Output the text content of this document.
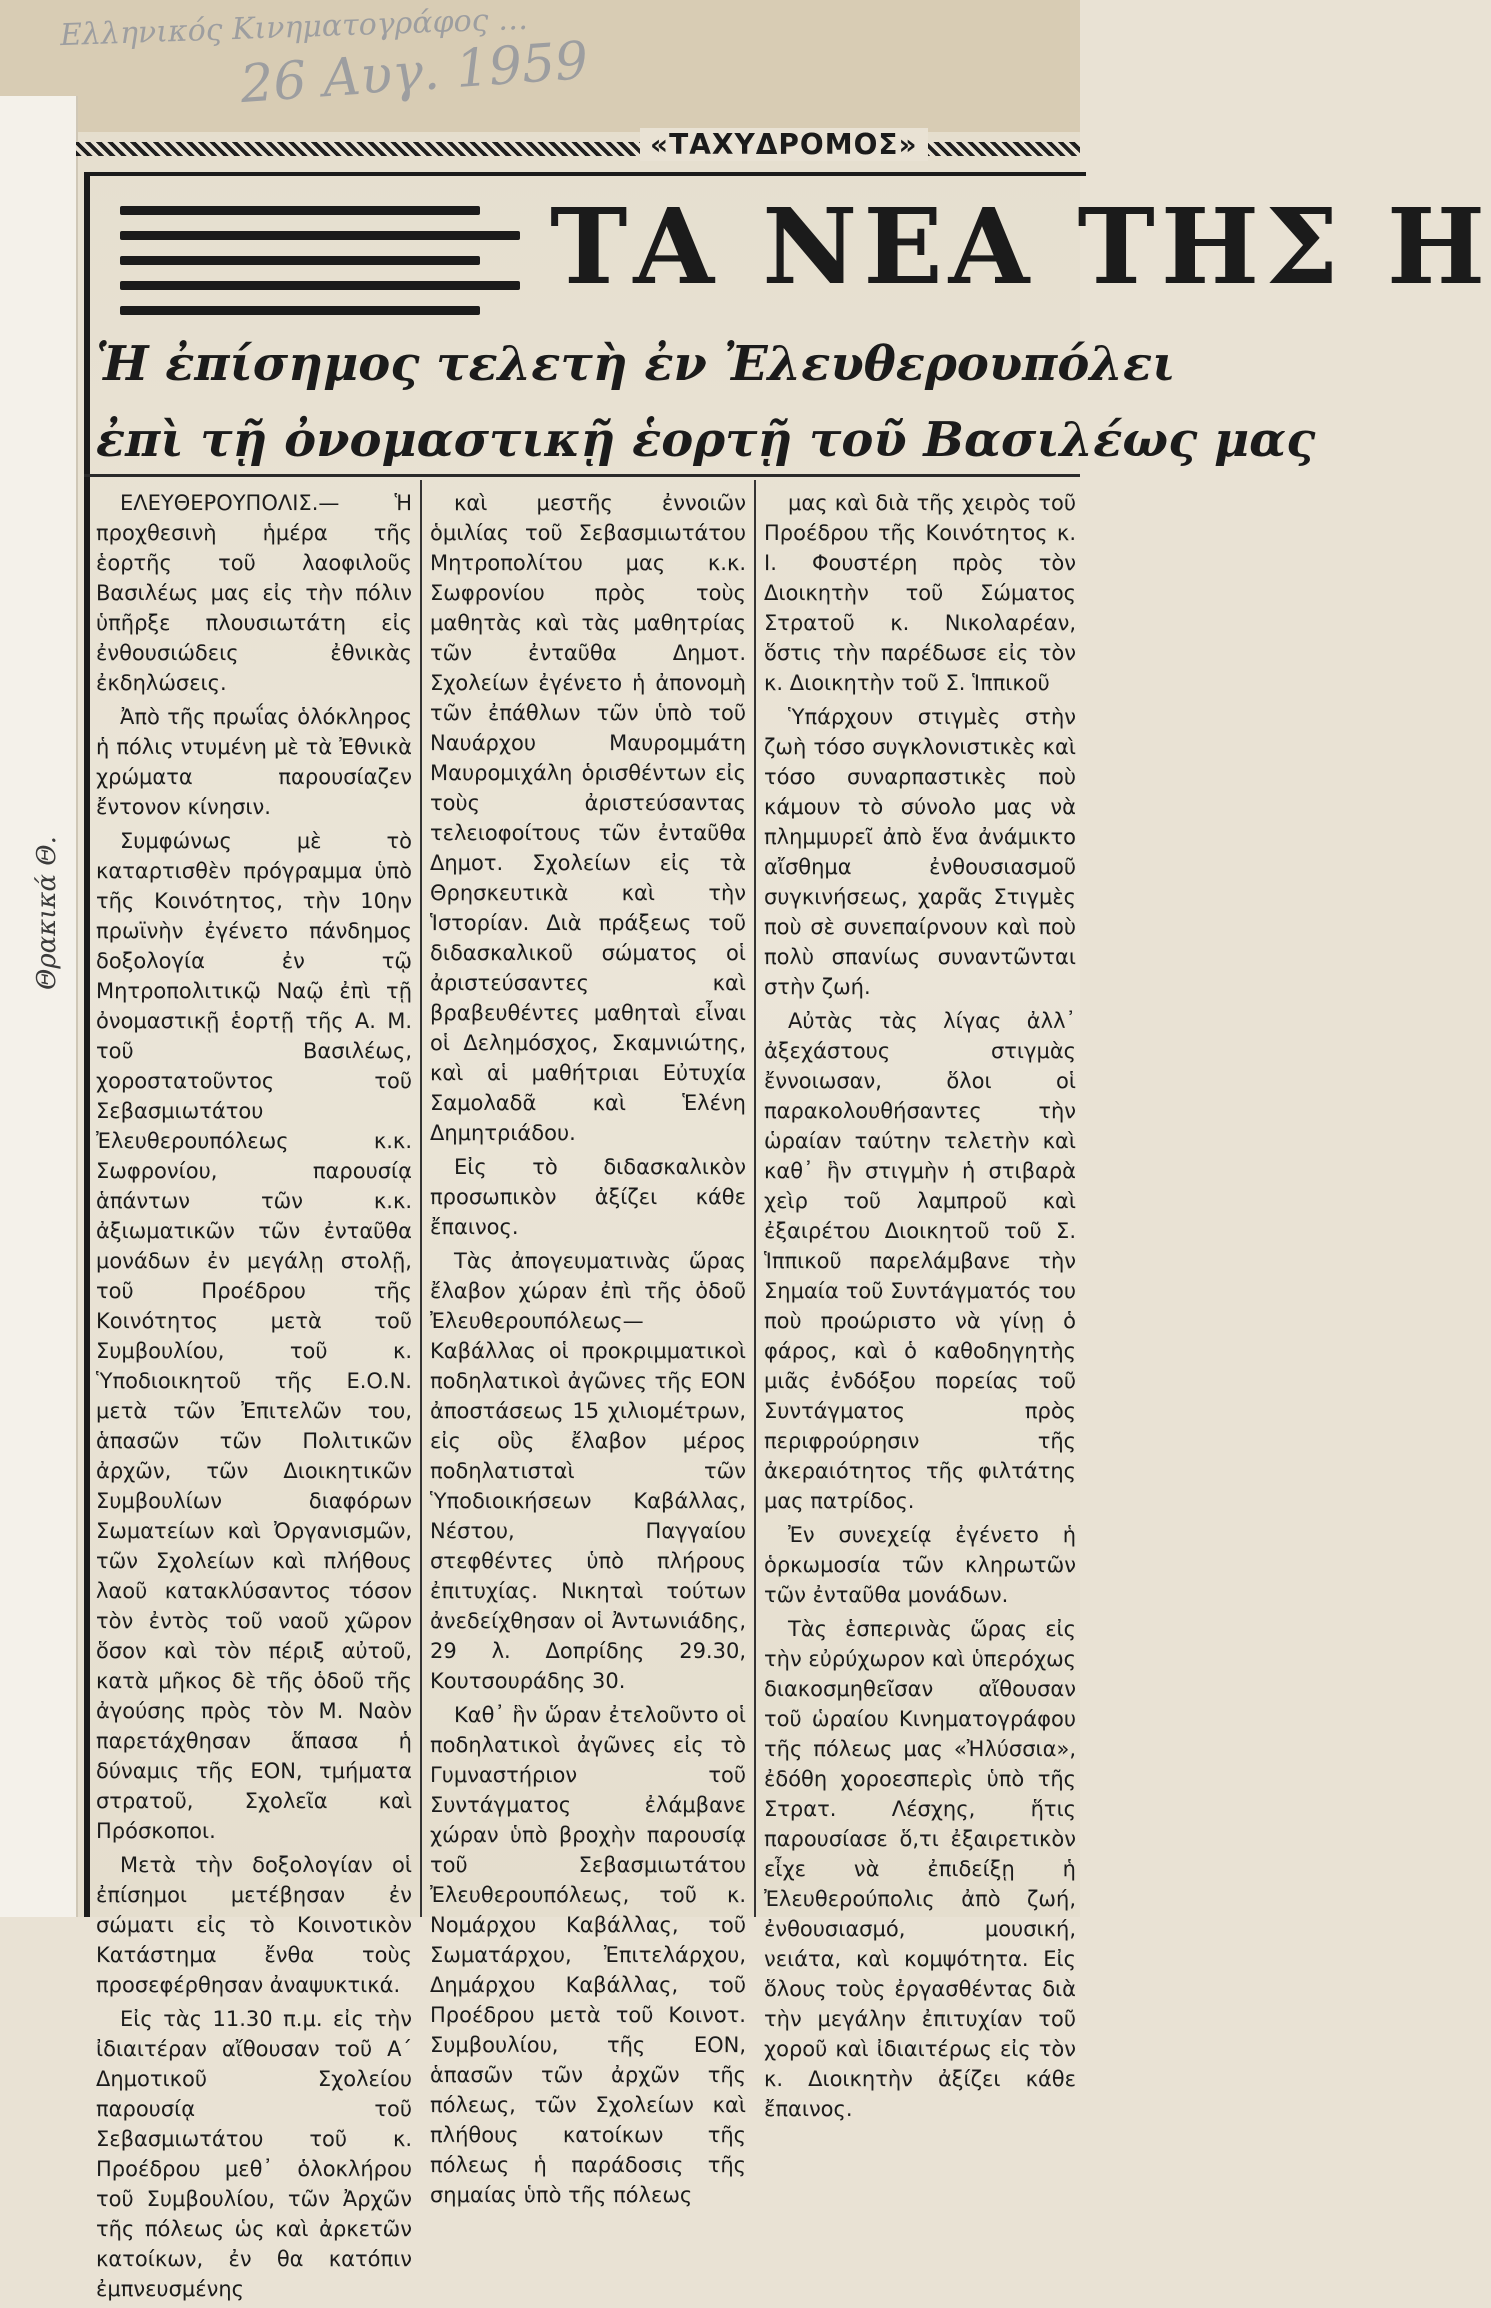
Ελληνικός Κινηματογράφος …
26 Αυγ. 1959
Θρακικά Θ.
«ΤΑΧΥΔΡΟΜΟΣ»
ΤΑ ΝΕΑ ΤΗΣ Η
Ἡ ἐπίσημος τελετὴ ἐν Ἐλευθερουπόλει
ἐπὶ τῇ ὀνομαστικῇ ἑορτῇ τοῦ Βασιλέως μας

ΕΛΕΥΘΕΡΟΥΠΟΛΙΣ.— Ἡ προχθεσινὴ ἡμέρα τῆς ἑορτῆς τοῦ λαοφιλοῦς Βασιλέως μας εἰς τὴν πόλιν ὑπῆρξε πλουσιωτάτη εἰς ἐνθουσιώδεις ἐθνικὰς ἐκδηλώσεις.

Ἀπὸ τῆς πρωΐας ὁλόκληρος ἡ πόλις ντυμένη μὲ τὰ Ἐθνικὰ χρώματα παρουσίαζεν ἔντονον κίνησιν.

Συμφώνως μὲ τὸ καταρτισθὲν πρόγραμμα ὑπὸ τῆς Κοινότητος, τὴν 10ην πρωϊνὴν ἐγένετο πάνδημος δοξολογία ἐν τῷ Μητροπολιτικῷ Ναῷ ἐπὶ τῇ ὀνομαστικῇ ἑορτῇ τῆς Α. Μ. τοῦ Βασιλέως, χοροστατοῦντος τοῦ Σεβασμιωτάτου Ἐλευθερουπόλεως κ.κ. Σωφρονίου, παρουσίᾳ ἁπάντων τῶν κ.κ. ἀξιωματικῶν τῶν ἐνταῦθα μονάδων ἐν μεγάλῃ στολῇ, τοῦ Προέδρου τῆς Κοινότητος μετὰ τοῦ Συμβουλίου, τοῦ κ. Ὑποδιοικητοῦ τῆς Ε.Ο.Ν. μετὰ τῶν Ἐπιτελῶν του, ἁπασῶν τῶν Πολιτικῶν ἀρχῶν, τῶν Διοικητικῶν Συμβουλίων διαφόρων Σωματείων καὶ Ὀργανισμῶν, τῶν Σχολείων καὶ πλήθους λαοῦ κατακλύσαντος τόσον τὸν ἐντὸς τοῦ ναοῦ χῶρον ὅσον καὶ τὸν πέριξ αὐτοῦ, κατὰ μῆκος δὲ τῆς ὁδοῦ τῆς ἀγούσης πρὸς τὸν Μ. Ναὸν παρετάχθησαν ἅπασα ἡ δύναμις τῆς ΕΟΝ, τμήματα στρατοῦ, Σχολεῖα καὶ Πρόσκοποι.

Μετὰ τὴν δοξολογίαν οἱ ἐπίσημοι μετέβησαν ἐν σώματι εἰς τὸ Κοινοτικὸν Κατάστημα ἔνθα τοὺς προσεφέρθησαν ἀναψυκτικά.

Εἰς τὰς 11.30 π.μ. εἰς τὴν ἰδιαιτέραν αἴθουσαν τοῦ Α΄ Δημοτικοῦ Σχολείου παρουσίᾳ τοῦ Σεβασμιωτάτου τοῦ κ. Προέδρου μεθ᾿ ὁλοκλήρου τοῦ Συμβουλίου, τῶν Ἀρχῶν τῆς πόλεως ὡς καὶ ἀρκετῶν κατοίκων, ἐν θα κατόπιν ἐμπνευσμένης

καὶ μεστῆς ἐννοιῶν ὁμιλίας τοῦ Σεβασμιωτάτου Μητροπολίτου μας κ.κ. Σωφρονίου πρὸς τοὺς μαθητὰς καὶ τὰς μαθητρίας τῶν ἐνταῦθα Δημοτ. Σχολείων ἐγένετο ἡ ἀπονομὴ τῶν ἐπάθλων τῶν ὑπὸ τοῦ Ναυάρχου Μαυρομμάτη Μαυρομιχάλη ὁρισθέντων εἰς τοὺς ἀριστεύσαντας τελειοφοίτους τῶν ἐνταῦθα Δημοτ. Σχολείων εἰς τὰ Θρησκευτικὰ καὶ τὴν Ἱστορίαν. Διὰ πράξεως τοῦ διδασκαλικοῦ σώματος οἱ ἀριστεύσαντες καὶ βραβευθέντες μαθηταὶ εἶναι οἱ Δελημόσχος, Σκαμνιώτης, καὶ αἱ μαθήτριαι Εὐτυχία Σαμολαδᾶ καὶ Ἑλένη Δημητριάδου.

Εἰς τὸ διδασκαλικὸν προσωπικὸν ἀξίζει κάθε ἔπαινος.

Τὰς ἀπογευματινὰς ὥρας ἔλαβον χώραν ἐπὶ τῆς ὁδοῦ Ἐλευθερουπόλεως— Καβάλλας οἱ προκριμματικοὶ ποδηλατικοὶ ἀγῶνες τῆς ΕΟΝ ἀποστάσεως 15 χιλιομέτρων, εἰς οὓς ἔλαβον μέρος ποδηλατισταὶ τῶν Ὑποδιοικήσεων Καβάλλας, Νέστου, Παγγαίου στεφθέντες ὑπὸ πλήρους ἐπιτυχίας. Νικηταὶ τούτων ἀνεδείχθησαν οἱ Ἀντωνιάδης, 29 λ. Δοπρίδης 29.30, Κουτσουράδης 30.

Καθ᾿ ἣν ὥραν ἐτελοῦντο οἱ ποδηλατικοὶ ἀγῶνες εἰς τὸ Γυμναστήριον τοῦ Συντάγματος ἐλάμβανε χώραν ὑπὸ βροχὴν παρουσίᾳ τοῦ Σεβασμιωτάτου Ἐλευθερουπόλεως, τοῦ κ. Νομάρχου Καβάλλας, τοῦ Σωματάρχου, Ἐπιτελάρχου, Δημάρχου Καβάλλας, τοῦ Προέδρου μετὰ τοῦ Κοινοτ. Συμβουλίου, τῆς ΕΟΝ, ἁπασῶν τῶν ἀρχῶν τῆς πόλεως, τῶν Σχολείων καὶ πλήθους κατοίκων τῆς πόλεως ἡ παράδοσις τῆς σημαίας ὑπὸ τῆς πόλεως

μας καὶ διὰ τῆς χειρὸς τοῦ Προέδρου τῆς Κοινότητος κ. Ι. Φουστέρη πρὸς τὸν Διοικητὴν τοῦ Σώματος Στρατοῦ κ. Νικολαρέαν, ὅστις τὴν παρέδωσε εἰς τὸν κ. Διοικητὴν τοῦ Σ. Ἱππικοῦ

Ὑπάρχουν στιγμὲς στὴν ζωὴ τόσο συγκλονιστικὲς καὶ τόσο συναρπαστικὲς ποὺ κάμουν τὸ σύνολο μας νὰ πλημμυρεῖ ἀπὸ ἕνα ἀνάμικτο αἴσθημα ἐνθουσιασμοῦ συγκινήσεως, χαρᾶς Στιγμὲς ποὺ σὲ συνεπαίρνουν καὶ ποὺ πολὺ σπανίως συναντῶνται στὴν ζωή.

Αὐτὰς τὰς λίγας ἀλλ᾿ ἀξεχάστους στιγμὰς ἔννοιωσαν, ὅλοι οἱ παρακολουθήσαντες τὴν ὡραίαν ταύτην τελετὴν καὶ καθ᾿ ἣν στιγμὴν ἡ στιβαρὰ χεὶρ τοῦ λαμπροῦ καὶ ἐξαιρέτου Διοικητοῦ τοῦ Σ. Ἱππικοῦ παρελάμβανε τὴν Σημαία τοῦ Συντάγματός του ποὺ προώριστο νὰ γίνῃ ὁ φάρος, καὶ ὁ καθοδηγητὴς μιᾶς ἐνδόξου πορείας τοῦ Συντάγματος πρὸς περιφρούρησιν τῆς ἀκεραιότητος τῆς φιλτάτης μας πατρίδος.

Ἐν συνεχείᾳ ἐγένετο ἡ ὁρκωμοσία τῶν κληρωτῶν τῶν ἐνταῦθα μονάδων.

Τὰς ἑσπερινὰς ὥρας εἰς τὴν εὐρύχωρον καὶ ὑπερόχως διακοσμηθεῖσαν αἴθουσαν τοῦ ὡραίου Κινηματογράφου τῆς πόλεως μας «Ἠλύσσια», ἐδόθη χοροεσπερὶς ὑπὸ τῆς Στρατ. Λέσχης, ἥτις παρουσίασε ὅ,τι ἐξαιρετικὸν εἶχε νὰ ἐπιδείξῃ ἡ Ἐλευθερούπολις ἀπὸ ζωή, ἐνθουσιασμό, μουσική, νειάτα, καὶ κομψότητα. Εἰς ὅλους τοὺς ἐργασθέντας διὰ τὴν μεγάλην ἐπιτυχίαν τοῦ χοροῦ καὶ ἰδιαιτέρως εἰς τὸν κ. Διοικητὴν ἀξίζει κάθε ἔπαινος.
